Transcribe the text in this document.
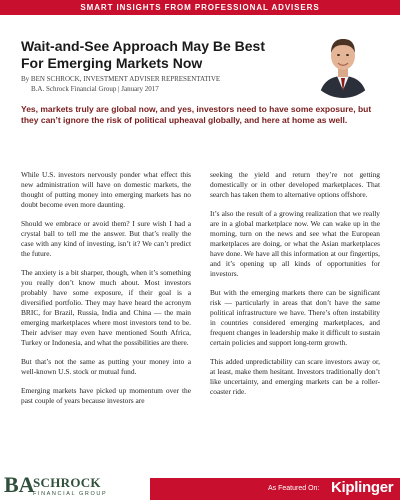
SMART INSIGHTS FROM PROFESSIONAL ADVISERS
Wait-and-See Approach May Be Best
For Emerging Markets Now
By BEN SCHROCK, INVESTMENT ADVISER REPRESENTATIVE
B.A. Schrock Financial Group | January 2017

Yes, markets truly are global now, and yes, investors need to have some exposure, but they can’t ignore the risk of political upheaval globally, and here at home as well.

While U.S. investors nervously ponder what effect this new administration will have on domestic markets, the thought of putting money into emerging markets has no doubt become even more daunting.

Should we embrace or avoid them? I sure wish I had a crystal ball to tell me the answer. But that’s really the case with any kind of investing, isn’t it? We can’t predict the future.

The anxiety is a bit sharper, though, when it’s something you really don’t know much about. Most investors probably have some exposure, if their goal is a diversified portfolio. They may have heard the acronym BRIC, for Brazil, Russia, India and China — the main emerging marketplaces where most investors tend to be. Their adviser may even have mentioned South Africa, Turkey or Indonesia, and what the possibilities are there.

But that’s not the same as putting your money into a well-known U.S. stock or mutual fund.

Emerging markets have picked up momentum over the past couple of years because investors are

seeking the yield and return they’re not getting domestically or in other developed marketplaces. That search has taken them to alternative options offshore.

It’s also the result of a growing realization that we really are in a global marketplace now. We can wake up in the morning, turn on the news and see what the European marketplaces are doing, or what the Asian marketplaces have done. We have all this information at our fingertips, and it’s opening up all kinds of opportunities for investors.

But with the emerging markets there can be significant risk — particularly in areas that don’t have the same political infrastructure we have. There’s often instability in countries considered emerging marketplaces, and frequent changes in leadership make it difficult to sustain certain policies and support long-term growth.

This added unpredictability can scare investors away or, at least, make them hesitant. Investors traditionally don’t like uncertainty, and emerging markets can be a roller-coaster ride.

BA
SCHROCK
FINANCIAL GROUP
As Featured On: Kiplinger
